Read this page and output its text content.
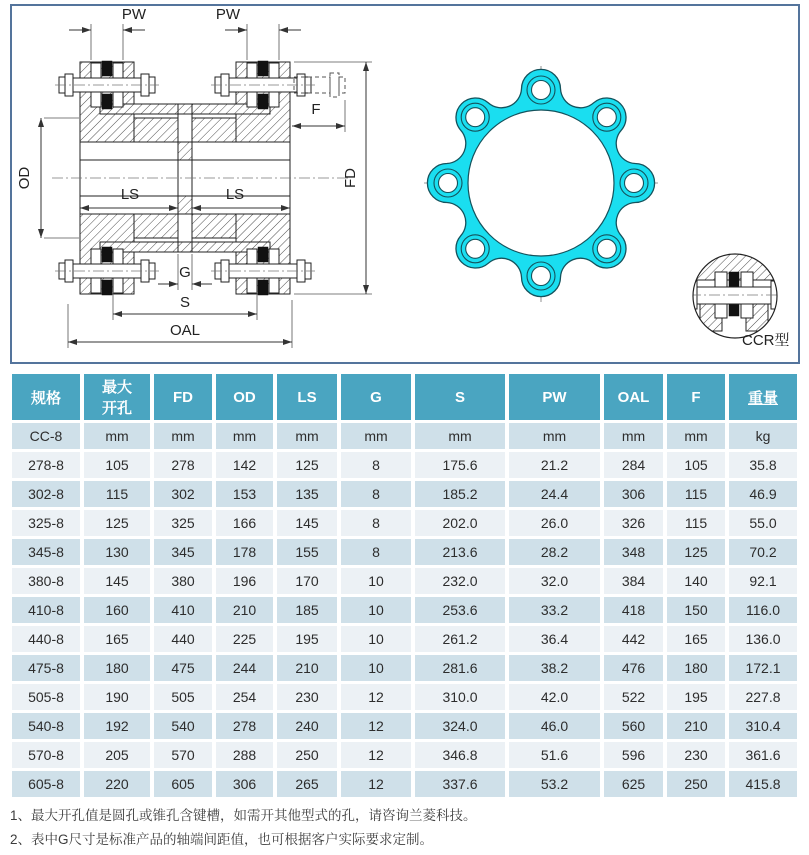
PW	PW
F
OD	FD
LS	LS
G
S
OAL
CCR型
规格	最大开孔	FD	OD	LS	G	S	PW	OAL	F	重量
CC-8	mm	mm	mm	mm	mm	mm	mm	mm	mm	kg
278-8	105	278	142	125	8	175.6	21.2	284	105	35.8
302-8	115	302	153	135	8	185.2	24.4	306	115	46.9
325-8	125	325	166	145	8	202.0	26.0	326	115	55.0
345-8	130	345	178	155	8	213.6	28.2	348	125	70.2
380-8	145	380	196	170	10	232.0	32.0	384	140	92.1
410-8	160	410	210	185	10	253.6	33.2	418	150	116.0
440-8	165	440	225	195	10	261.2	36.4	442	165	136.0
475-8	180	475	244	210	10	281.6	38.2	476	180	172.1
505-8	190	505	254	230	12	310.0	42.0	522	195	227.8
540-8	192	540	278	240	12	324.0	46.0	560	210	310.4
570-8	205	570	288	250	12	346.8	51.6	596	230	361.6
605-8	220	605	306	265	12	337.6	53.2	625	250	415.8
1、最大开孔值是圆孔或锥孔含键槽，如需开其他型式的孔，请咨询兰菱科技。
2、表中G尺寸是标准产品的轴端间距值，也可根据客户实际要求定制。
